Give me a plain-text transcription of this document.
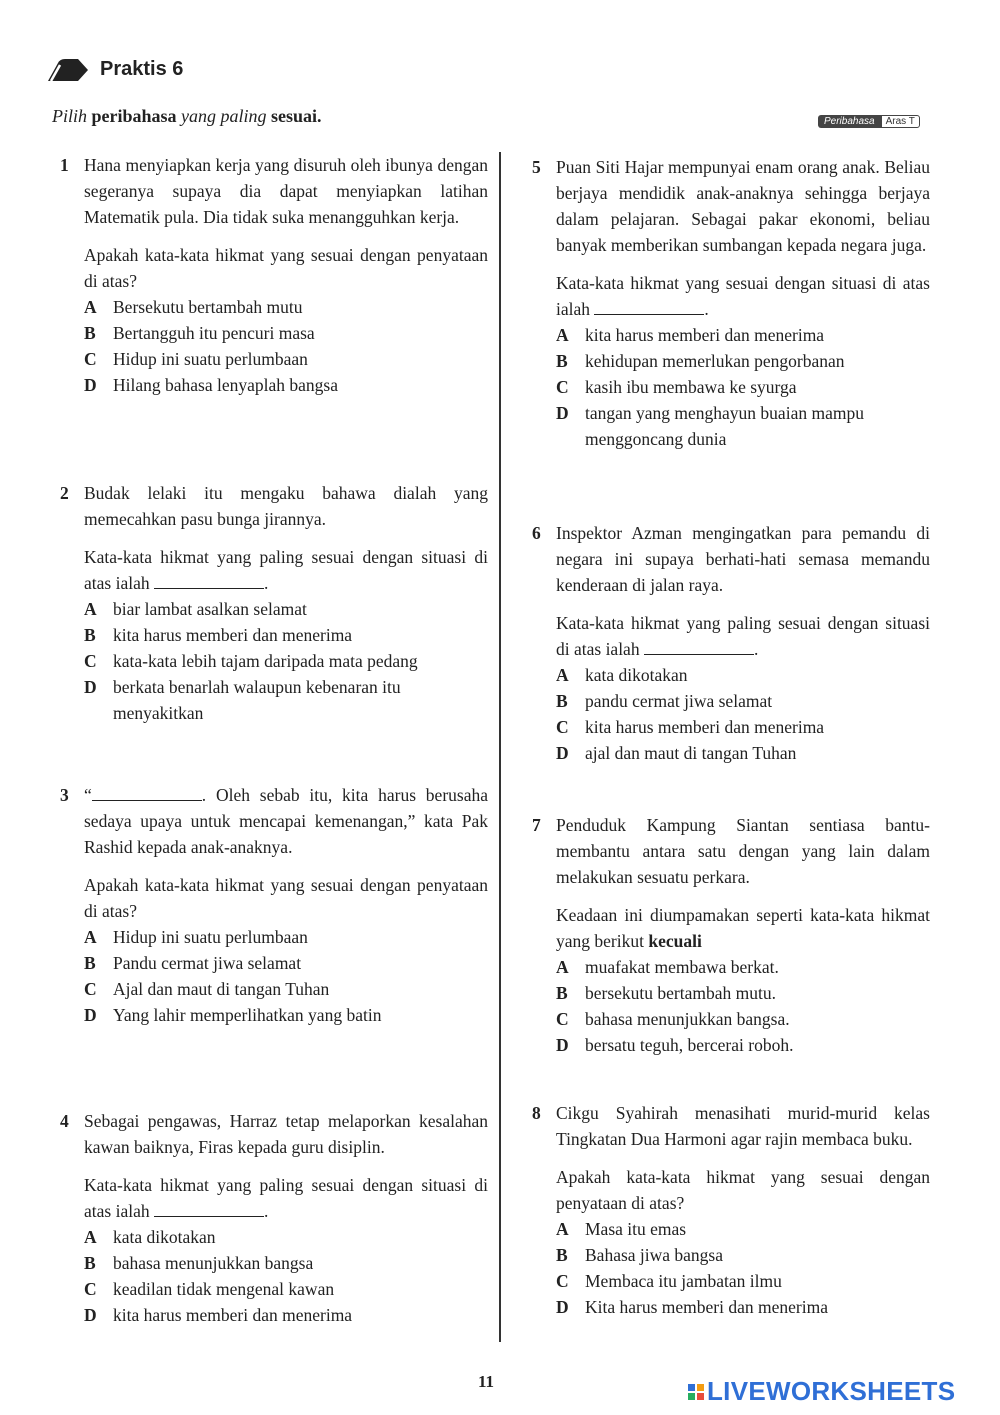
Praktis 6
Pilih peribahasa yang paling sesuai.	Peribahasa	Aras T
1 Hana menyiapkan kerja yang disuruh oleh ibunya dengan segeranya supaya dia dapat menyiapkan latihan Matematik pula. Dia tidak suka menangguhkan kerja.

Apakah kata-kata hikmat yang sesuai dengan penyataan di atas?

A Bersekutu bertambah mutu
B Bertangguh itu pencuri masa
C Hidup ini suatu perlumbaan
D Hilang bahasa lenyaplah bangsa
2 Budak lelaki itu mengaku bahawa dialah yang memecahkan pasu bunga jirannya.

Kata-kata hikmat yang paling sesuai dengan situasi di atas ialah	.

A biar lambat asalkan selamat
B kita harus memberi dan menerima
C kata-kata lebih tajam daripada mata pedang
D berkata benarlah walaupun kebenaran itu menyakitkan
3 “	. Oleh sebab itu, kita harus berusaha sedaya upaya untuk mencapai kemenangan,” kata Pak Rashid kepada anak-anaknya.

Apakah kata-kata hikmat yang sesuai dengan penyataan di atas?

A Hidup ini suatu perlumbaan
B Pandu cermat jiwa selamat
C Ajal dan maut di tangan Tuhan
D Yang lahir memperlihatkan yang batin
4 Sebagai pengawas, Harraz tetap melaporkan kesalahan kawan baiknya, Firas kepada guru disiplin.

Kata-kata hikmat yang paling sesuai dengan situasi di atas ialah	.

A kata dikotakan
B bahasa menunjukkan bangsa
C keadilan tidak mengenal kawan
D kita harus memberi dan menerima
5 Puan Siti Hajar mempunyai enam orang anak. Beliau berjaya mendidik anak-anaknya sehingga berjaya dalam pelajaran. Sebagai pakar ekonomi, beliau banyak memberikan sumbangan kepada negara juga.

Kata-kata hikmat yang sesuai dengan situasi di atas ialah	.

A kita harus memberi dan menerima
B kehidupan memerlukan pengorbanan
C kasih ibu membawa ke syurga
D tangan yang menghayun buaian mampu menggoncang dunia
6 Inspektor Azman mengingatkan para pemandu di negara ini supaya berhati-hati semasa memandu kenderaan di jalan raya.

Kata-kata hikmat yang paling sesuai dengan situasi di atas ialah	.

A kata dikotakan
B pandu cermat jiwa selamat
C kita harus memberi dan menerima
D ajal dan maut di tangan Tuhan
7 Penduduk Kampung Siantan sentiasa bantu-membantu antara satu dengan yang lain dalam melakukan sesuatu perkara.

Keadaan ini diumpamakan seperti kata-kata hikmat yang berikut kecuali

A muafakat membawa berkat.
B bersekutu bertambah mutu.
C bahasa menunjukkan bangsa.
D bersatu teguh, bercerai roboh.
8 Cikgu Syahirah menasihati murid-murid kelas Tingkatan Dua Harmoni agar rajin membaca buku.

Apakah kata-kata hikmat yang sesuai dengan penyataan di atas?

A Masa itu emas
B Bahasa jiwa bangsa
C Membaca itu jambatan ilmu
D Kita harus memberi dan menerima
11	LIVEWORKSHEETS
